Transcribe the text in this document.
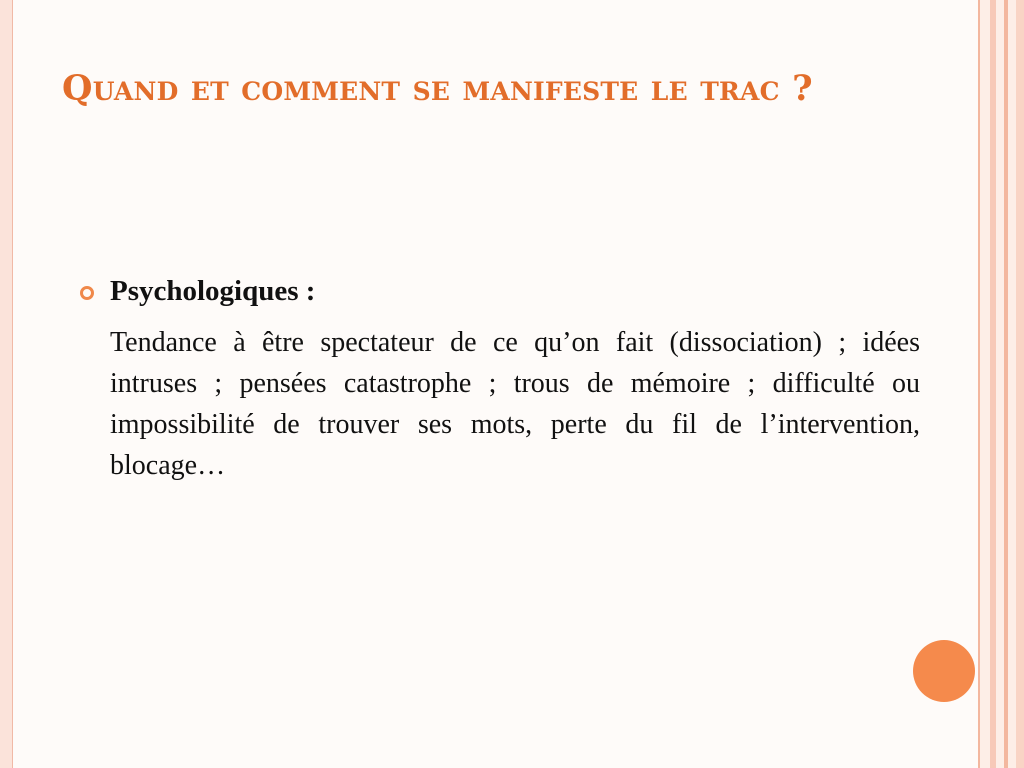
Quand et comment se manifeste le trac ?
Psychologiques :

Tendance à être spectateur de ce qu’on fait (dissociation) ; idées intruses ; pensées catastrophe ; trous de mémoire ; difficulté ou impossibilité de trouver ses mots, perte du fil de l’intervention, blocage…
